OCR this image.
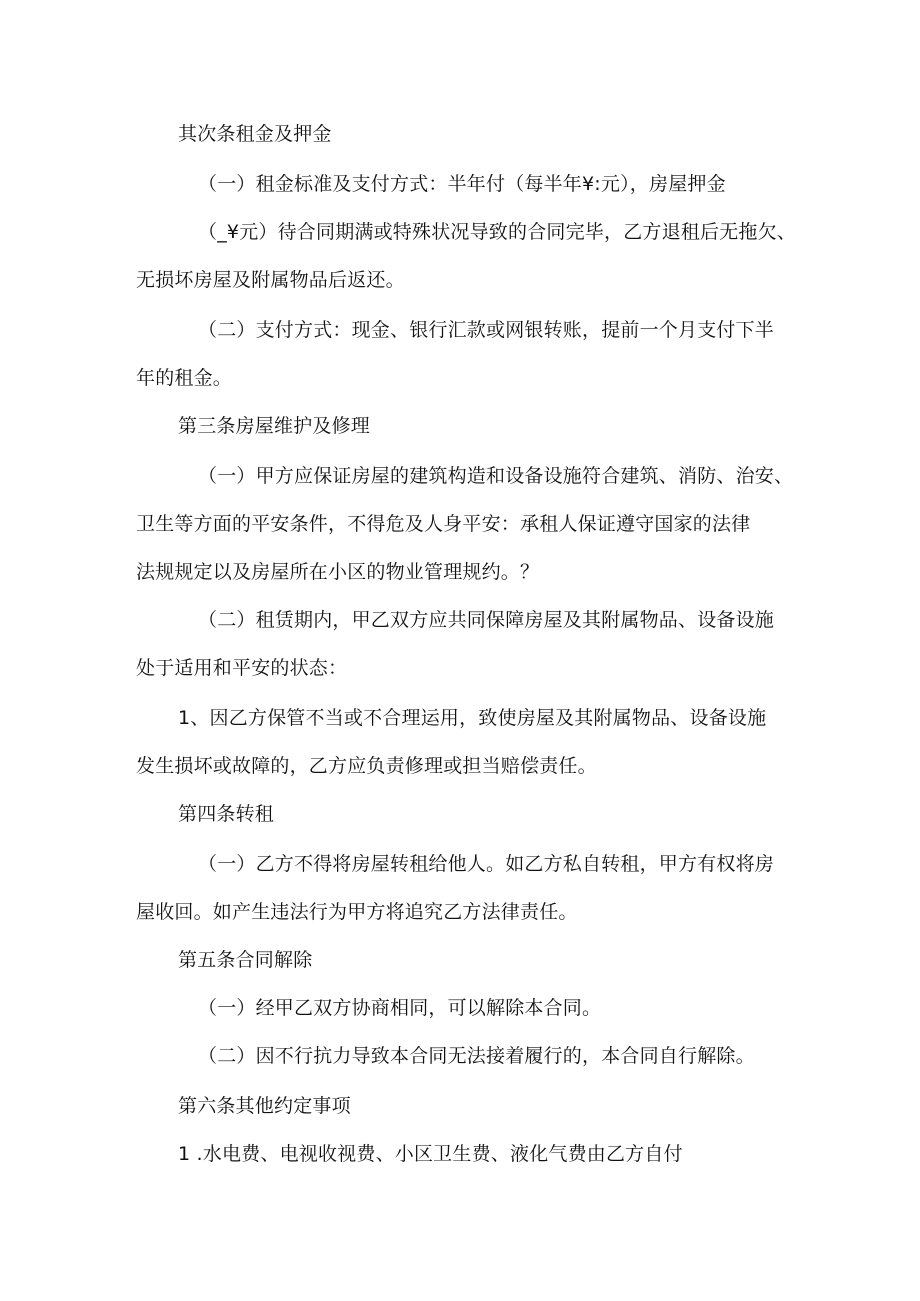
其次条租金及押金
（一）租金标准及支付方式：半年付（每半年¥:元），房屋押金
（_¥元）待合同期满或特殊状况导致的合同完毕，乙方退租后无拖欠、
无损坏房屋及附属物品后返还。
（二）支付方式：现金、银行汇款或网银转账，提前一个月支付下半
年的租金。
第三条房屋维护及修理
（一）甲方应保证房屋的建筑构造和设备设施符合建筑、消防、治安、
卫生等方面的平安条件，不得危及人身平安：承租人保证遵守国家的法律
法规规定以及房屋所在小区的物业管理规约。？
（二）租赁期内，甲乙双方应共同保障房屋及其附属物品、设备设施
处于适用和平安的状态：
1、因乙方保管不当或不合理运用，致使房屋及其附属物品、设备设施
发生损坏或故障的，乙方应负责修理或担当赔偿责任。
第四条转租
（一）乙方不得将房屋转租给他人。如乙方私自转租，甲方有权将房
屋收回。如产生违法行为甲方将追究乙方法律责任。
第五条合同解除
（一）经甲乙双方协商相同，可以解除本合同。
（二）因不行抗力导致本合同无法接着履行的，本合同自行解除。
第六条其他约定事项
1 .水电费、电视收视费、小区卫生费、液化气费由乙方自付
